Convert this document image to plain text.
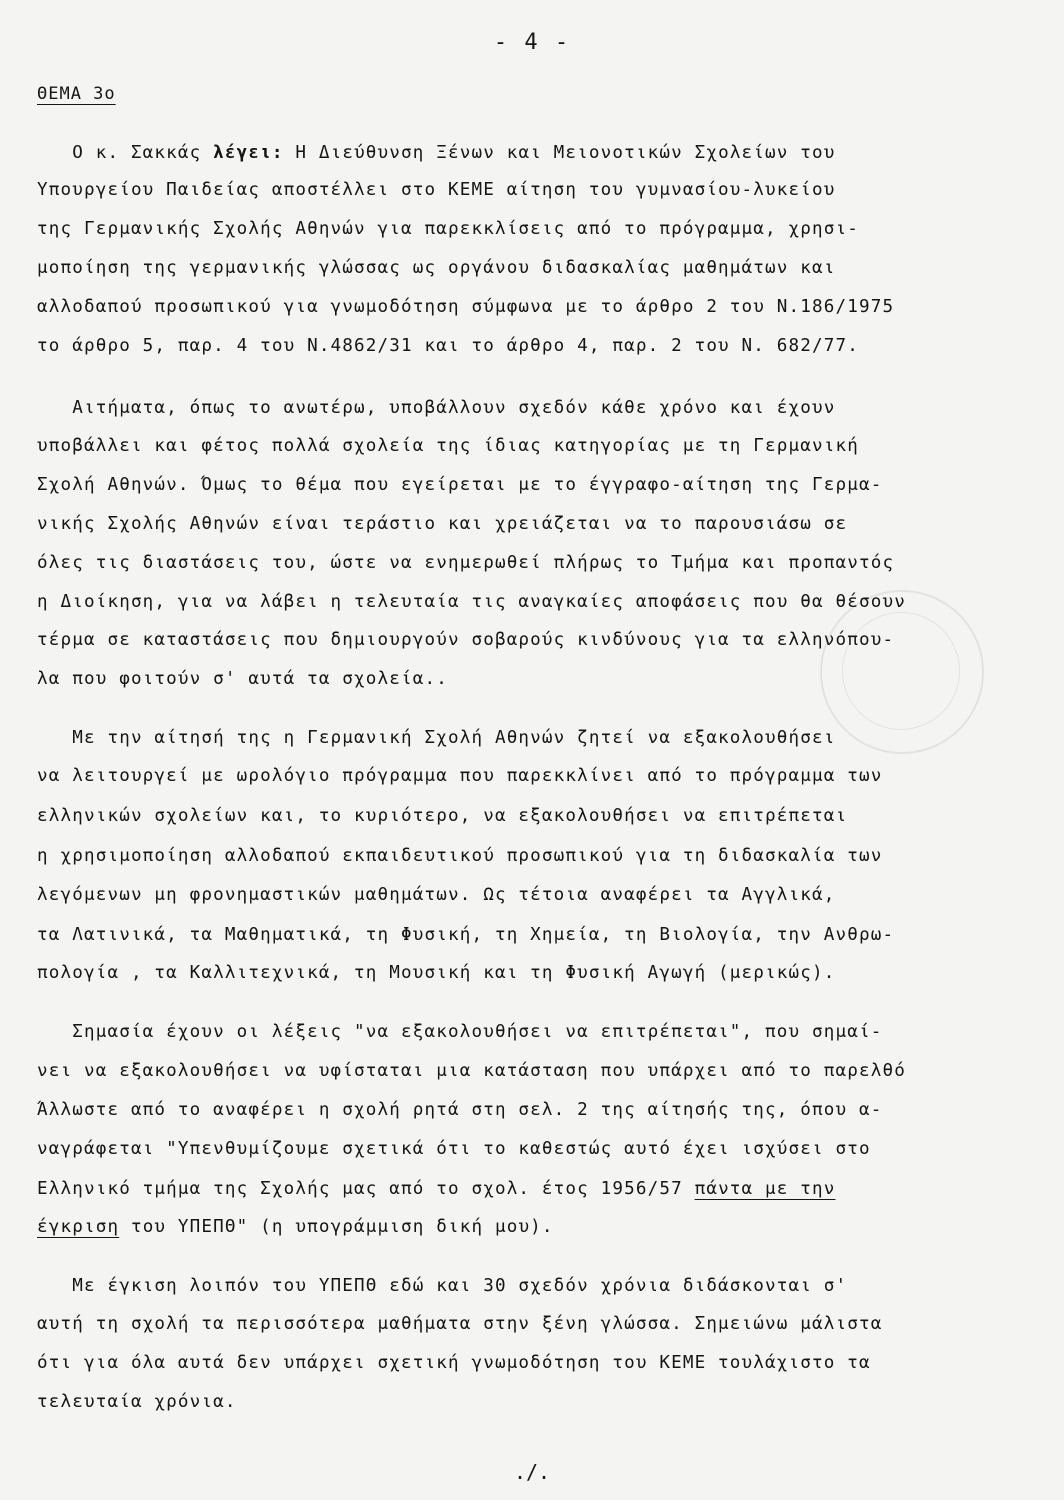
- 4 -
ΘΕΜΑ 3ο
Ο κ. Σακκάς λέγει: Η Διεύθυνση Ξένων και Μειονοτικών Σχολείων του
Υπουργείου Παιδείας αποστέλλει στο ΚΕΜΕ αίτηση του γυμνασίου-λυκείου
της Γερμανικής Σχολής Αθηνών για παρεκκλίσεις από το πρόγραμμα, χρησι-
μοποίηση της γερμανικής γλώσσας ως οργάνου διδασκαλίας μαθημάτων και
αλλοδαπού προσωπικού για γνωμοδότηση σύμφωνα με το άρθρο 2 του Ν.186/1975
το άρθρο 5, παρ. 4 του Ν.4862/31 και το άρθρο 4, παρ. 2 του Ν. 682/77.
Αιτήματα, όπως το ανωτέρω, υποβάλλουν σχεδόν κάθε χρόνο και έχουν
υποβάλλει και φέτος πολλά σχολεία της ίδιας κατηγορίας με τη Γερμανική
Σχολή Αθηνών. Όμως το θέμα που εγείρεται με το έγγραφο-αίτηση της Γερμα-
νικής Σχολής Αθηνών είναι τεράστιο και χρειάζεται να το παρουσιάσω σε
όλες τις διαστάσεις του, ώστε να ενημερωθεί πλήρως το Τμήμα και προπαντός
η Διοίκηση, για να λάβει η τελευταία τις αναγκαίες αποφάσεις που θα θέσουν
τέρμα σε καταστάσεις που δημιουργούν σοβαρούς κινδύνους για τα ελληνόπου-
λα που φοιτούν σ' αυτά τα σχολεία..
Με την αίτησή της η Γερμανική Σχολή Αθηνών ζητεί να εξακολουθήσει
να λειτουργεί με ωρολόγιο πρόγραμμα που παρεκκλίνει από το πρόγραμμα των
ελληνικών σχολείων και, το κυριότερο, να εξακολουθήσει να επιτρέπεται
η χρησιμοποίηση αλλοδαπού εκπαιδευτικού προσωπικού για τη διδασκαλία των
λεγόμενων μη φρονημαστικών μαθημάτων. Ως τέτοια αναφέρει τα Αγγλικά,
τα Λατινικά, τα Μαθηματικά, τη Φυσική, τη Χημεία, τη Βιολογία, την Ανθρω-
πολογία , τα Καλλιτεχνικά, τη Μουσική και τη Φυσική Αγωγή (μερικώς).
Σημασία έχουν οι λέξεις "να εξακολουθήσει να επιτρέπεται", που σημαί-
νει να εξακολουθήσει να υφίσταται μια κατάσταση που υπάρχει από το παρελθό
Άλλωστε από το αναφέρει η σχολή ρητά στη σελ. 2 της αίτησής της, όπου α-
ναγράφεται "Υπενθυμίζουμε σχετικά ότι το καθεστώς αυτό έχει ισχύσει στο
Ελληνικό τμήμα της Σχολής μας από το σχολ. έτος 1956/57 πάντα με την
έγκριση του ΥΠΕΠΘ" (η υπογράμμιση δική μου).
Με έγκιση λοιπόν του ΥΠΕΠΘ εδώ και 30 σχεδόν χρόνια διδάσκονται σ'
αυτή τη σχολή τα περισσότερα μαθήματα στην ξένη γλώσσα. Σημειώνω μάλιστα
ότι για όλα αυτά δεν υπάρχει σχετική γνωμοδότηση του ΚΕΜΕ τουλάχιστο τα
τελευταία χρόνια.
./.
